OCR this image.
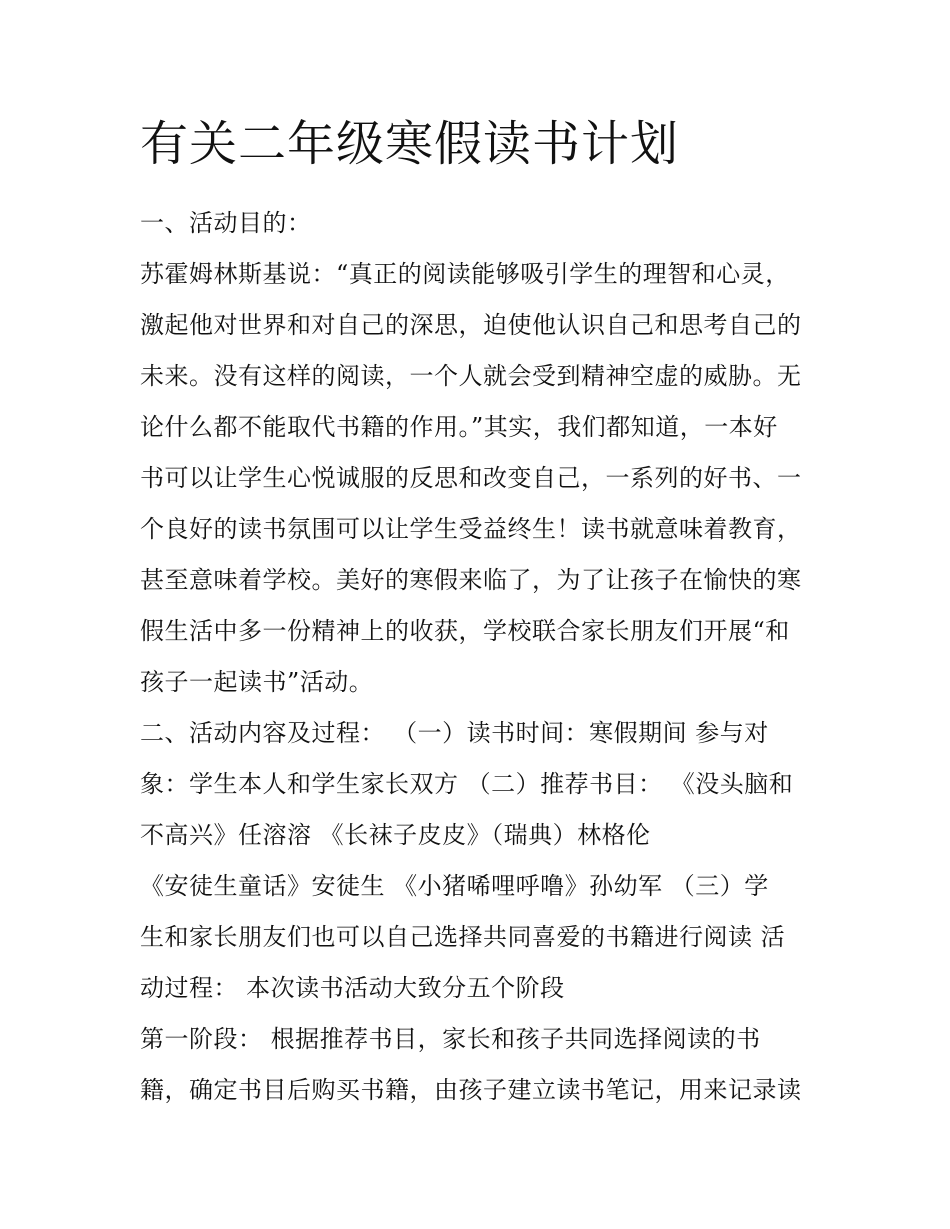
有关二年级寒假读书计划
一、活动目的：
苏霍姆林斯基说：“真正的阅读能够吸引学生的理智和心灵，
激起他对世界和对自己的深思，迫使他认识自己和思考自己的
未来。没有这样的阅读，一个人就会受到精神空虚的威胁。无
论什么都不能取代书籍的作用。”其实，我们都知道，一本好
书可以让学生心悦诚服的反思和改变自己，一系列的好书、一
个良好的读书氛围可以让学生受益终生！读书就意味着教育，
甚至意味着学校。美好的寒假来临了，为了让孩子在愉快的寒
假生活中多一份精神上的收获，学校联合家长朋友们开展“和
孩子一起读书”活动。
二、活动内容及过程： （一）读书时间：寒假期间 参与对
象：学生本人和学生家长双方 （二）推荐书目： 《没头脑和
不高兴》任溶溶 《长袜子皮皮》（瑞典）林格伦
《安徒生童话》安徒生 《小猪唏哩呼噜》孙幼军 （三）学
生和家长朋友们也可以自己选择共同喜爱的书籍进行阅读 活
动过程： 本次读书活动大致分五个阶段
第一阶段： 根据推荐书目，家长和孩子共同选择阅读的书
籍，确定书目后购买书籍，由孩子建立读书笔记，用来记录读
